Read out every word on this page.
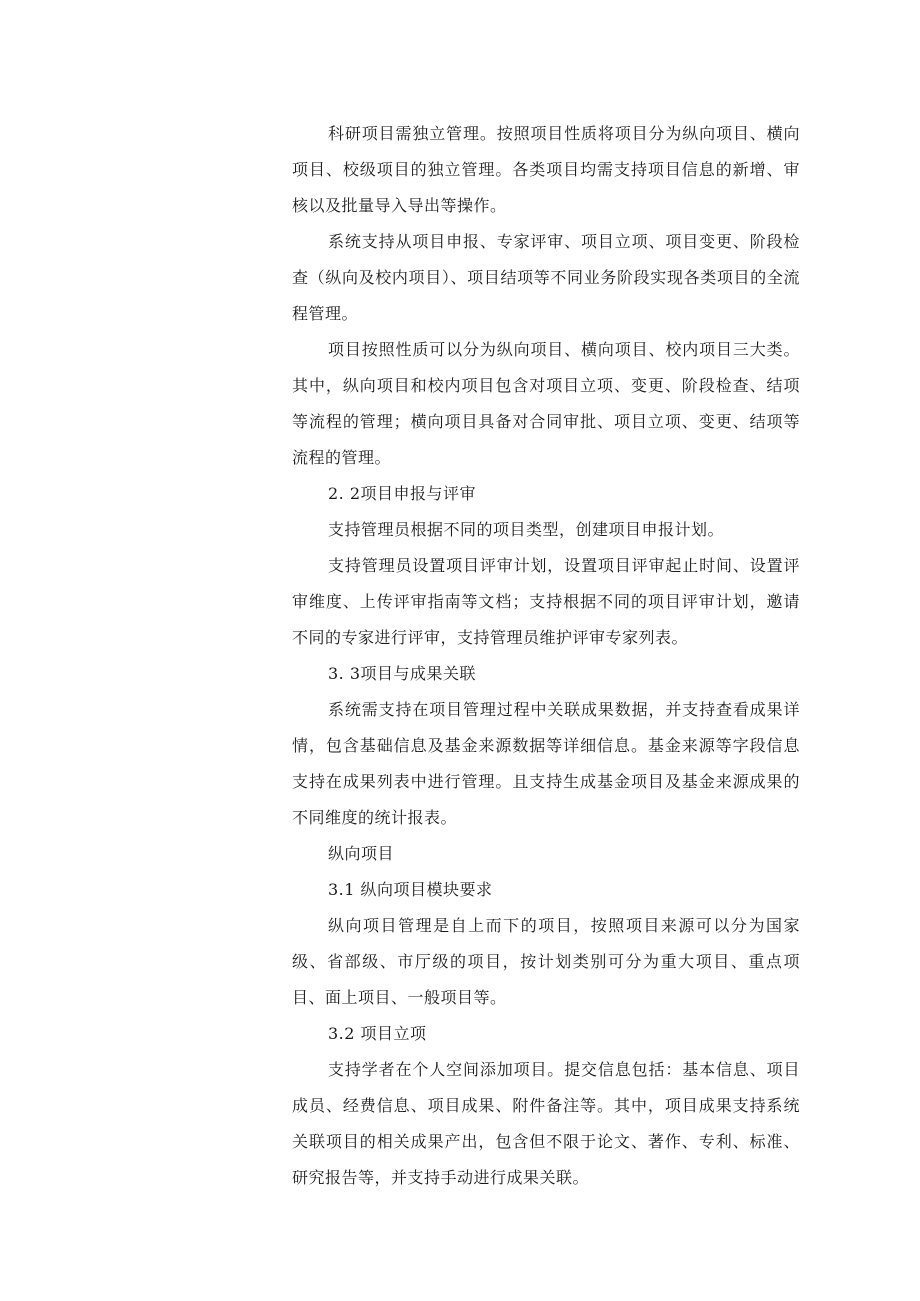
科研项目需独立管理。按照项目性质将项目分为纵向项目、横向项目、校级项目的独立管理。各类项目均需支持项目信息的新增、审核以及批量导入导出等操作。

系统支持从项目申报、专家评审、项目立项、项目变更、阶段检查（纵向及校内项目）、项目结项等不同业务阶段实现各类项目的全流程管理。

项目按照性质可以分为纵向项目、横向项目、校内项目三大类。其中，纵向项目和校内项目包含对项目立项、变更、阶段检查、结项等流程的管理；横向项目具备对合同审批、项目立项、变更、结项等流程的管理。

2. 2项目申报与评审

支持管理员根据不同的项目类型，创建项目申报计划。

支持管理员设置项目评审计划，设置项目评审起止时间、设置评审维度、上传评审指南等文档；支持根据不同的项目评审计划，邀请不同的专家进行评审，支持管理员维护评审专家列表。

3. 3项目与成果关联

系统需支持在项目管理过程中关联成果数据，并支持查看成果详情，包含基础信息及基金来源数据等详细信息。基金来源等字段信息支持在成果列表中进行管理。且支持生成基金项目及基金来源成果的不同维度的统计报表。

纵向项目

3.1 纵向项目模块要求

纵向项目管理是自上而下的项目，按照项目来源可以分为国家级、省部级、市厅级的项目，按计划类别可分为重大项目、重点项目、面上项目、一般项目等。

3.2 项目立项

支持学者在个人空间添加项目。提交信息包括：基本信息、项目成员、经费信息、项目成果、附件备注等。其中，项目成果支持系统关联项目的相关成果产出，包含但不限于论文、著作、专利、标准、研究报告等，并支持手动进行成果关联。
